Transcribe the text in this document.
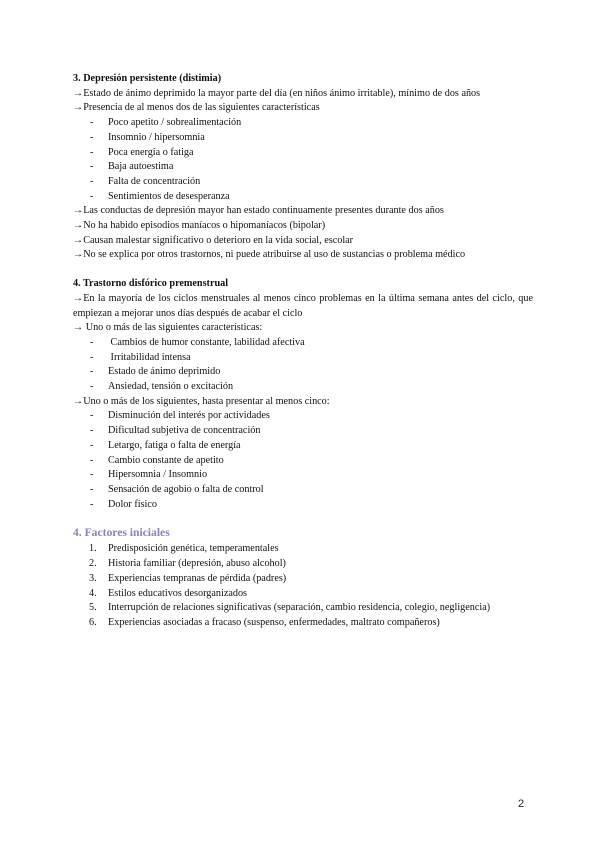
3. Depresión persistente (distimia)
→Estado de ánimo deprimido la mayor parte del día (en niños ánimo irritable), mínimo de dos años
→Presencia de al menos dos de las siguientes características
- Poco apetito / sobrealimentación
- Insomnio / hipersomnia
- Poca energía o fatiga
- Baja autoestima
- Falta de concentración
- Sentimientos de desesperanza
→Las conductas de depresión mayor han estado continuamente presentes durante dos años
→No ha habido episodios maníacos o hipomaníacos (bipolar)
→Causan malestar significativo o deterioro en la vida social, escolar
→No se explica por otros trastornos, ni puede atribuirse al uso de sustancias o problema médico
4. Trastorno disfórico premenstrual
→En la mayoría de los ciclos menstruales al menos cinco problemas en la última semana antes del ciclo, que empiezan a mejorar unos días después de acabar el ciclo
→ Uno o más de las siguientes características:
- Cambios de humor constante, labilidad afectiva
- Irritabilidad intensa
- Estado de ánimo deprimido
- Ansiedad, tensión o excitación
→Uno o más de los siguientes, hasta presentar al menos cinco:
- Disminución del interés por actividades
- Dificultad subjetiva de concentración
- Letargo, fatiga o falta de energía
- Cambio constante de apetito
- Hipersomnia / Insomnio
- Sensación de agobio o falta de control
- Dolor físico
4. Factores iniciales
1. Predisposición genética, temperamentales
2. Historia familiar (depresión, abuso alcohol)
3. Experiencias tempranas de pérdida (padres)
4. Estilos educativos desorganizados
5. Interrupción de relaciones significativas (separación, cambio residencia, colegio, negligencia)
6. Experiencias asociadas a fracaso (suspenso, enfermedades, maltrato compañeros)
2
